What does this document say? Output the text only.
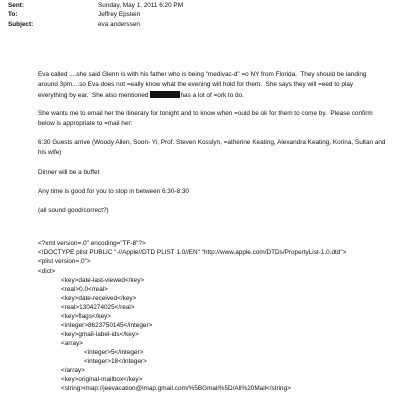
Sent:	Sunday, May 1, 2011 6:20 PM
To:	Jeffrey Epstein
Subject:	eva anderssen
Eva called ....she said Glenn is with his father who is being "medivac-d" =o NY from Florida.  They should be landing
around 3pm....so Eva does not =eally know what the evening will hold for them.  She says they will =eed to play
everything by ear.  She also mentioned	has a lot of =ork to do.
She wants me to email her the itinerary for tonight and to know when =ould be ok for them to come by.  Please confirm
below is appropriate to =mail her:
6:30 Guests arrive (Woody Allen, Soon- Yi, Prof. Steven Kosslyn, =atherine Keating, Alexandra Keating, Korina, Sultan and
his wife)
Dinner will be a buffet
Any time is good for you to stop in between 6:30-8:30
(all sound good/correct?)
<?xml version=.0" encoding="TF-8"?>
<!DOCTYPE plist PUBLIC "-//Apple//DTD PLIST 1.0//EN" "http://www.apple.com/DTDs/PropertyList-1.0.dtd">
<plist version=.0">
<dict>
<key>date-last-viewed</key>
<real>0.0</real>
<key>date-received</key>
<real>1304274025</real>
<key>flags</key>
<integer>8623750145</integer>
<key>gmail-label-ids</key>
<array>
<integer>5</integer>
<integer>18</integer>
</array>
<key>original-mailbox</key>
<string>imap://jeevacation@imap.gmail.com/%5BGmail%5D/All%20Mail</string>
